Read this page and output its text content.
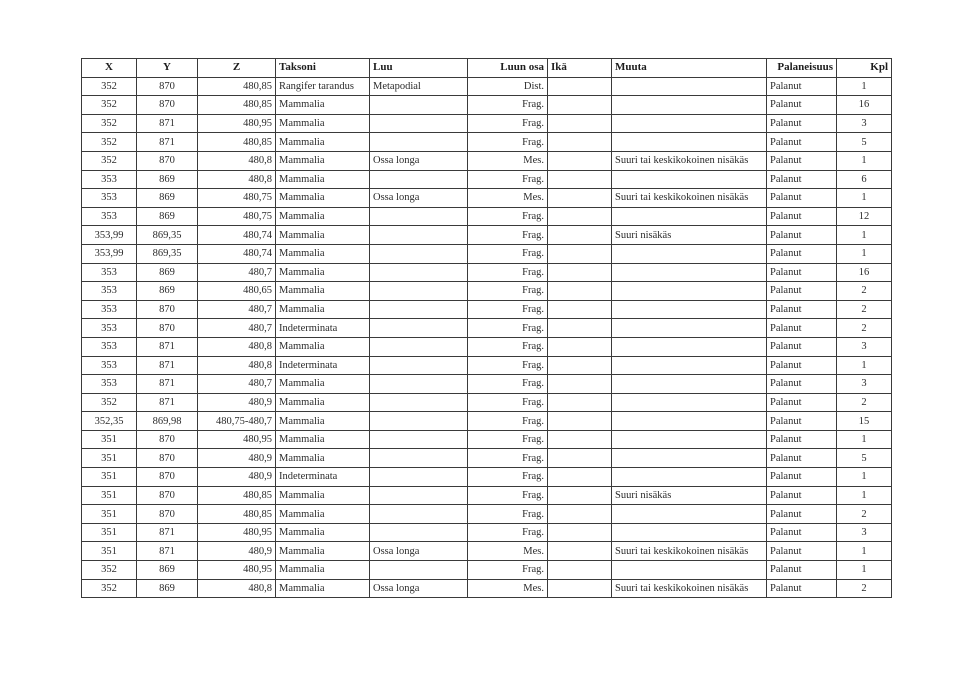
X	Y	Z	Taksoni	Luu	Luun osa	Ikä	Muuta	Palaneisuus	Kpl
352	870	480,85	Rangifer tarandus	Metapodial	Dist.			Palanut	1
352	870	480,85	Mammalia		Frag.			Palanut	16
352	871	480,95	Mammalia		Frag.			Palanut	3
352	871	480,85	Mammalia		Frag.			Palanut	5
352	870	480,8	Mammalia	Ossa longa	Mes.		Suuri tai keskikokoinen nisäkäs	Palanut	1
353	869	480,8	Mammalia		Frag.			Palanut	6
353	869	480,75	Mammalia	Ossa longa	Mes.		Suuri tai keskikokoinen nisäkäs	Palanut	1
353	869	480,75	Mammalia		Frag.			Palanut	12
353,99	869,35	480,74	Mammalia		Frag.		Suuri nisäkäs	Palanut	1
353,99	869,35	480,74	Mammalia		Frag.			Palanut	1
353	869	480,7	Mammalia		Frag.			Palanut	16
353	869	480,65	Mammalia		Frag.			Palanut	2
353	870	480,7	Mammalia		Frag.			Palanut	2
353	870	480,7	Indeterminata		Frag.			Palanut	2
353	871	480,8	Mammalia		Frag.			Palanut	3
353	871	480,8	Indeterminata		Frag.			Palanut	1
353	871	480,7	Mammalia		Frag.			Palanut	3
352	871	480,9	Mammalia		Frag.			Palanut	2
352,35	869,98	480,75-480,7	Mammalia		Frag.			Palanut	15
351	870	480,95	Mammalia		Frag.			Palanut	1
351	870	480,9	Mammalia		Frag.			Palanut	5
351	870	480,9	Indeterminata		Frag.			Palanut	1
351	870	480,85	Mammalia		Frag.		Suuri nisäkäs	Palanut	1
351	870	480,85	Mammalia		Frag.			Palanut	2
351	871	480,95	Mammalia		Frag.			Palanut	3
351	871	480,9	Mammalia	Ossa longa	Mes.		Suuri tai keskikokoinen nisäkäs	Palanut	1
352	869	480,95	Mammalia		Frag.			Palanut	1
352	869	480,8	Mammalia	Ossa longa	Mes.		Suuri tai keskikokoinen nisäkäs	Palanut	2
